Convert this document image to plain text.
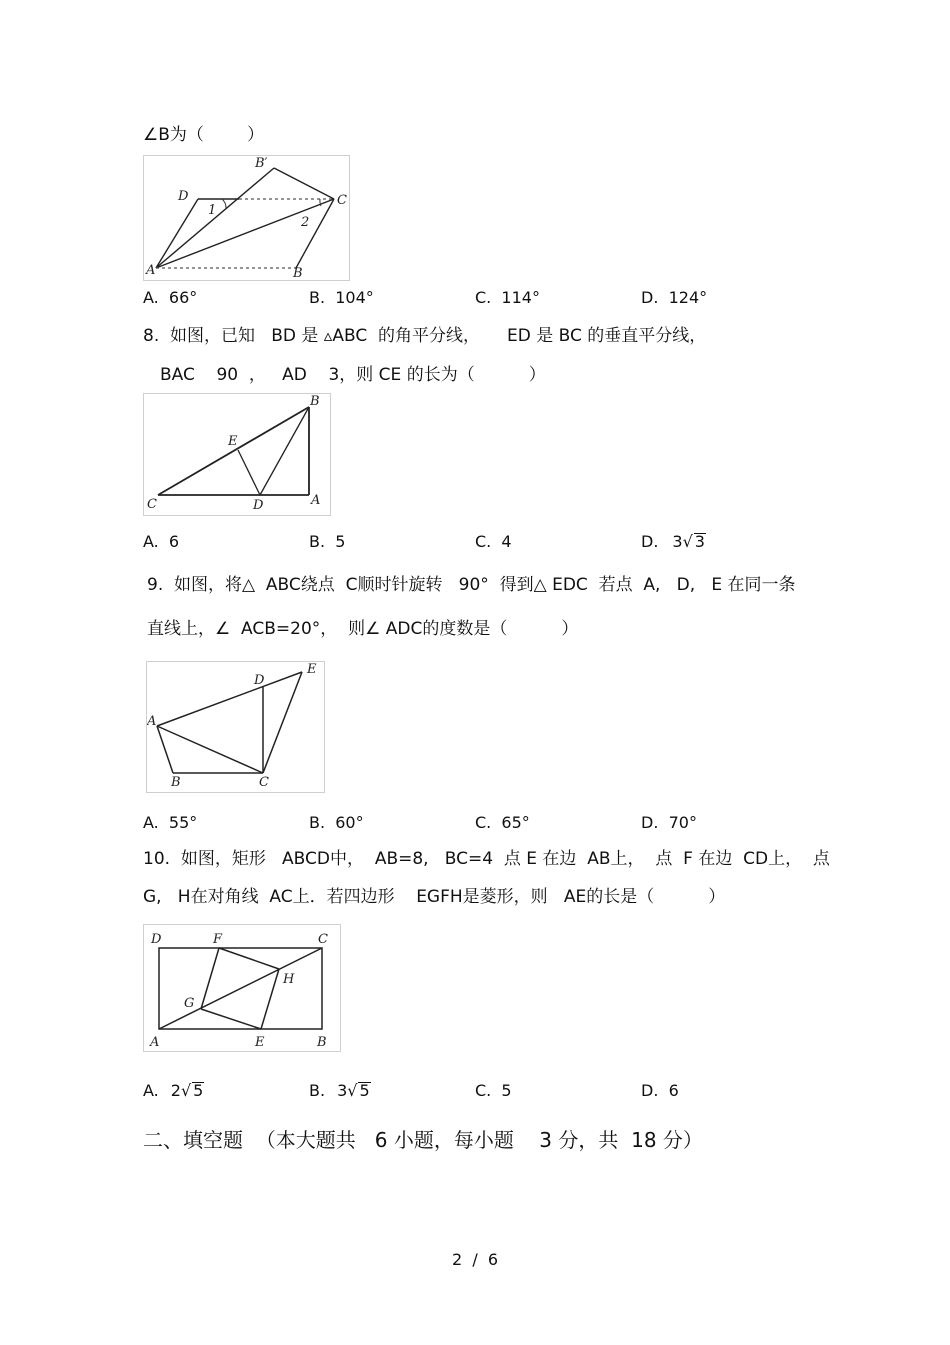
∠B为（        ）
D
B′
C
A	B
1
2
A.  66°	B.  104°	C.  114°	D.  124°
8.  如图，已知   BD 是 ▵ABC  的角平分线，     ED 是 BC 的垂直平分线，
BAC    90  ，   AD    3，则 CE 的长为（          ）
B
E
C	D	A
A.  6	B.  5	C.  4	D. 3√ 3
9.  如图，将△  ABC绕点  C顺时针旋转   90°  得到△ EDC  若点  A,   D,   E 在同一条
直线上，∠  ACB=20°，  则∠ ADC的度数是（          ）
A
D
E
B	C
A.  55°	B.  60°	C.  65°	D.  70°
10.  如图，矩形   ABCD中，  AB=8,   BC=4  点 E 在边  AB上，  点  F 在边  CD上，  点
G,   H在对角线  AC上．若四边形    EGFH是菱形，则   AE的长是（          ）
D	F	C
H
G
A	E	B
A. 2√ 5	B. 3√ 5	C.  5	D.  6
二、填空题  （本大题共   6 小题，每小题    3 分，共  18 分）
2  /  6
